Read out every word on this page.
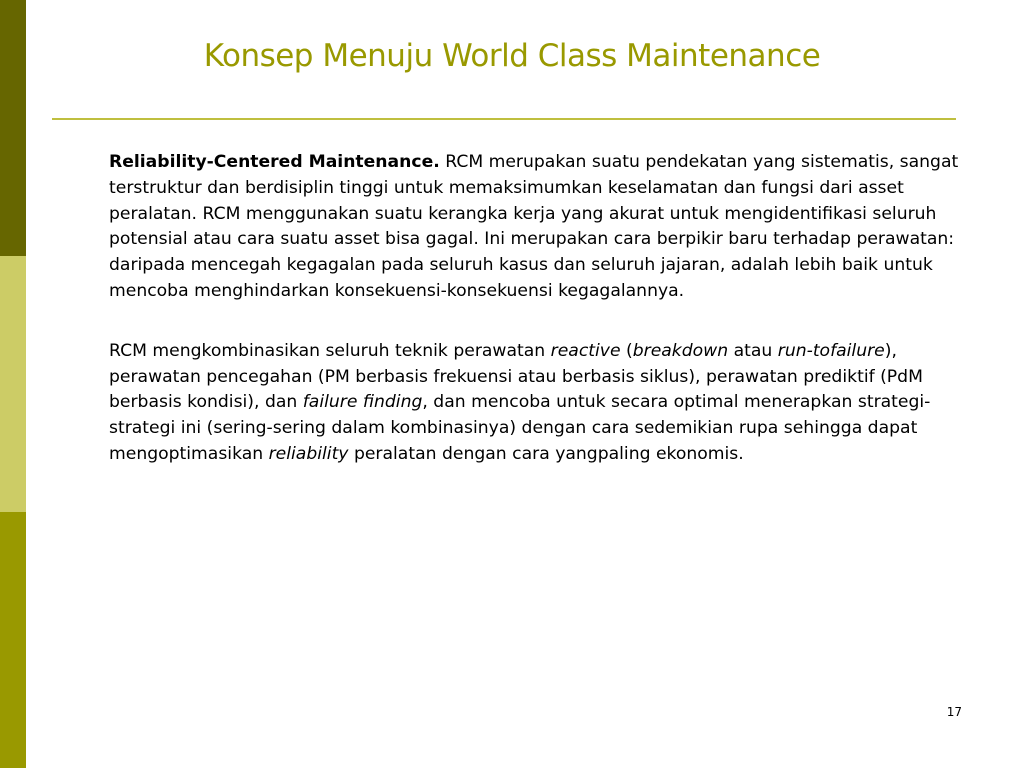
Konsep Menuju World Class Maintenance

Reliability-Centered Maintenance. RCM merupakan suatu pendekatan yang sistematis, sangat terstruktur dan berdisiplin tinggi untuk memaksimumkan keselamatan dan fungsi dari asset peralatan. RCM menggunakan suatu kerangka kerja yang akurat untuk mengidentifikasi seluruh potensial atau cara suatu asset bisa gagal. Ini merupakan cara berpikir baru terhadap perawatan: daripada mencegah kegagalan pada seluruh kasus dan seluruh jajaran, adalah lebih baik untuk mencoba menghindarkan konsekuensi-konsekuensi kegagalannya.

RCM mengkombinasikan seluruh teknik perawatan reactive (breakdown atau run-tofailure), perawatan pencegahan (PM berbasis frekuensi atau berbasis siklus), perawatan prediktif (PdM berbasis kondisi), dan failure finding, dan mencoba untuk secara optimal menerapkan strategi-strategi ini (sering-sering dalam kombinasinya) dengan cara sedemikian rupa sehingga dapat mengoptimasikan reliability peralatan dengan cara yangpaling ekonomis.

17
